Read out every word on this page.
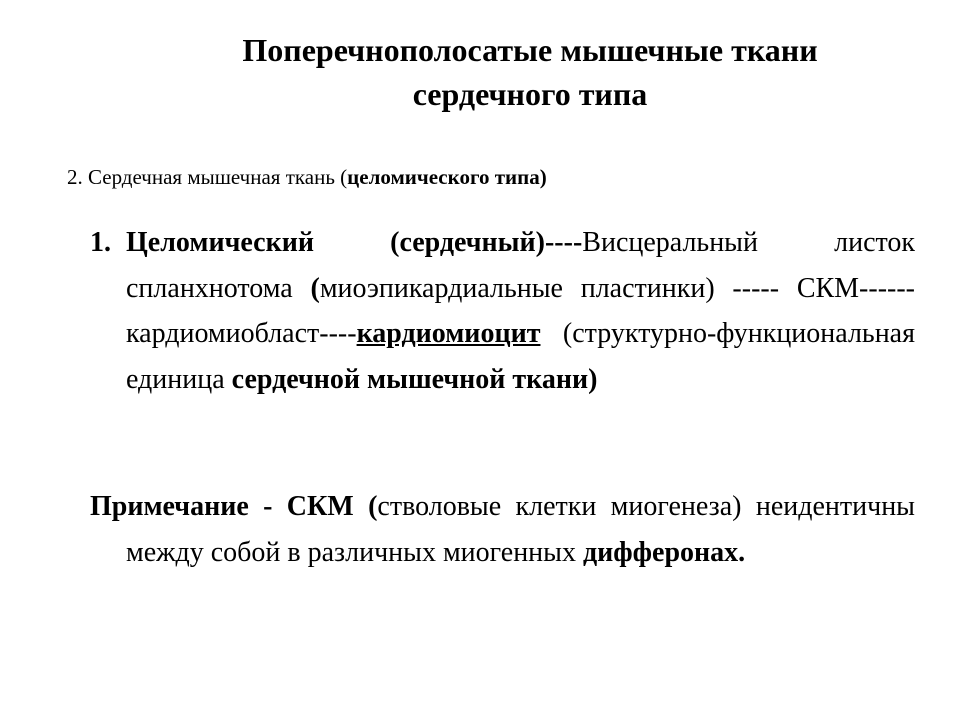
Поперечнополосатые мышечные ткани
сердечного типа

2. Сердечная мышечная ткань (целомического типа)

1. Целомический (сердечный)----Висцеральный листок спланхнотома (миоэпикардиальные пластинки) ----- СКМ------кардиомиобласт----кардиомиоцит (структурно-функциональная единица сердечной мышечной ткани)
Примечание - СКМ (стволовые клетки миогенеза) неидентичны между собой в различных миогенных дифферонах.
